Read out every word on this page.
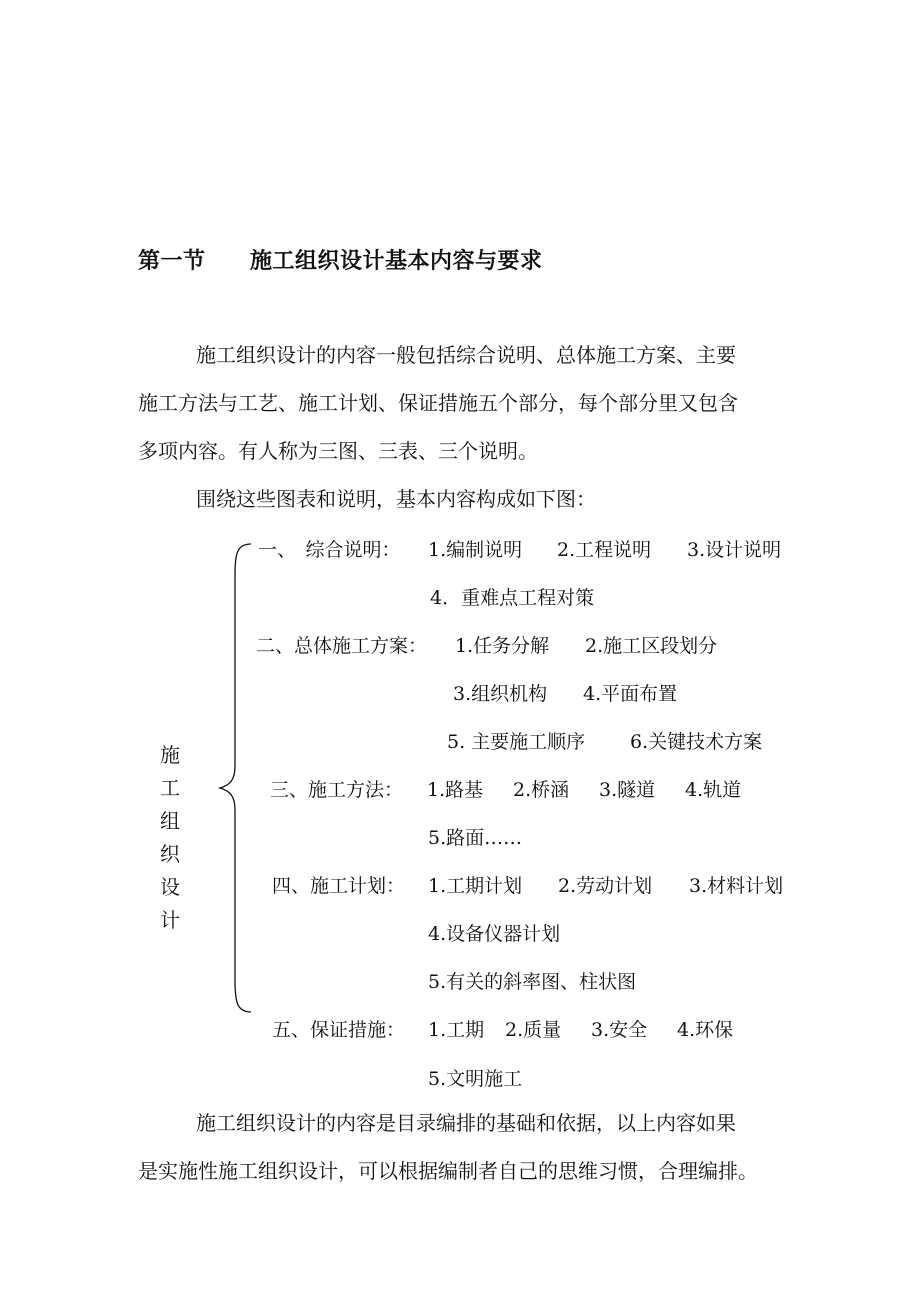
第一节 施工组织设计基本内容与要求
施工组织设计的内容一般包括综合说明、总体施工方案、主要
施工方法与工艺、施工计划、保证措施五个部分，每个部分里又包含
多项内容。有人称为三图、三表、三个说明。
围绕这些图表和说明，基本内容构成如下图：
施
工
组
织
设
计
一、　综合说明： 1.编制说明 2.工程说明 3.设计说明
4．重难点工程对策
二、总体施工方案： 1.任务分解 2.施工区段划分
3.组织机构 4.平面布置
5. 主要施工顺序 6.关键技术方案
三、施工方法： 1.路基 2.桥涵 3.隧道 4.轨道
5.路面……
四、施工计划： 1.工期计划 2.劳动计划 3.材料计划
4.设备仪器计划
5.有关的斜率图、柱状图
五、保证措施： 1.工期 2.质量 3.安全 4.环保
5.文明施工
施工组织设计的内容是目录编排的基础和依据，以上内容如果
是实施性施工组织设计，可以根据编制者自己的思维习惯，合理编排。
